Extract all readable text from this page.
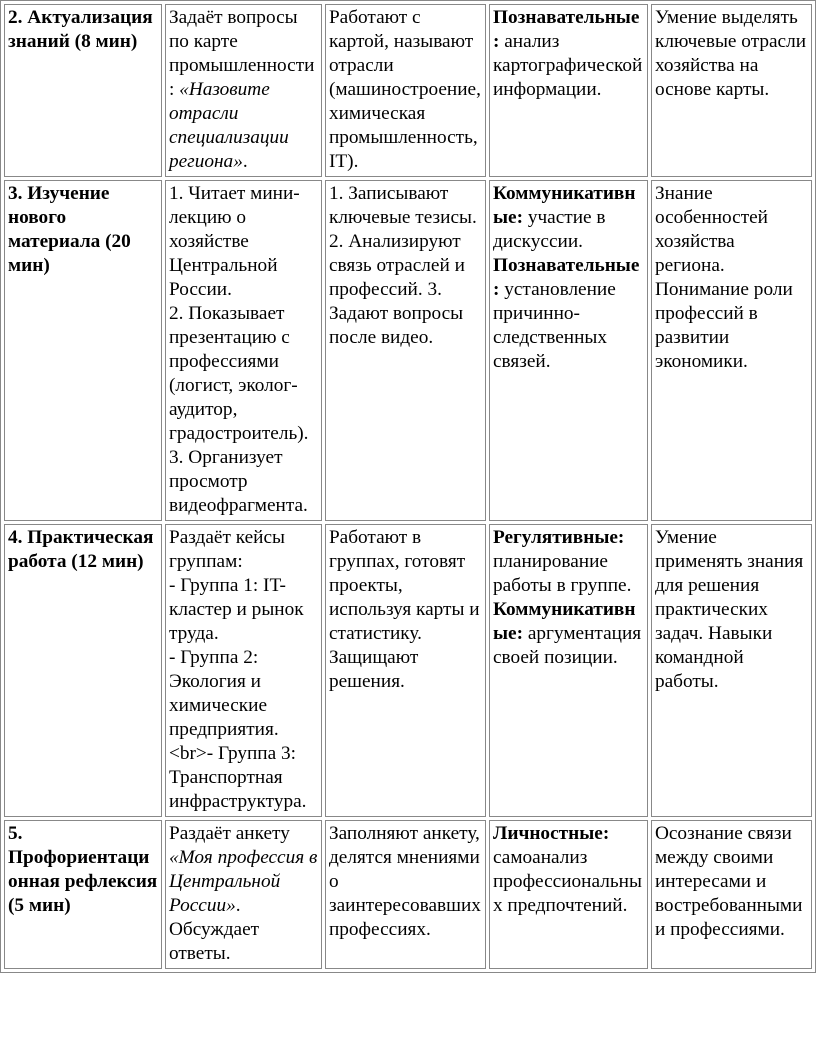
2. Актуализация знаний (8 мин)	Задаёт вопросы по карте промышленности: «Назовите отрасли специализации региона».	Работают с картой, называют отрасли (машиностроение, химическая промышленность, IT).	Познавательные: анализ картографической информации.	Умение выделять ключевые отрасли хозяйства на основе карты.
3. Изучение нового материала (20 мин)	1. Читает мини-лекцию о хозяйстве Центральной России.
2. Показывает презентацию с профессиями (логист, эколог-аудитор, градостроитель).
3. Организует просмотр видеофрагмента.	1. Записывают ключевые тезисы.
2. Анализируют связь отраслей и профессий. 3. Задают вопросы после видео.	Коммуникативные: участие в дискуссии.
Познавательные: установление причинно-следственных связей.	Знание особенностей хозяйства региона. Понимание роли профессий в развитии экономики.
4. Практическая работа (12 мин)	Раздаёт кейсы группам:
- Группа 1: IT-кластер и рынок труда.
- Группа 2: Экология и химические предприятия. <br>- Группа 3: Транспортная инфраструктура.	Работают в группах, готовят проекты, используя карты и статистику. Защищают решения.	Регулятивные: планирование работы в группе.
Коммуникативные: аргументация своей позиции.	Умение применять знания для решения практических задач. Навыки командной работы.
5. Профориентационная рефлексия (5 мин)	Раздаёт анкету «Моя профессия в Центральной России». Обсуждает ответы.	Заполняют анкету, делятся мнениями о заинтересовавших профессиях.	Личностные: самоанализ профессиональных предпочтений.	Осознание связи между своими интересами и востребованными и профессиями.
